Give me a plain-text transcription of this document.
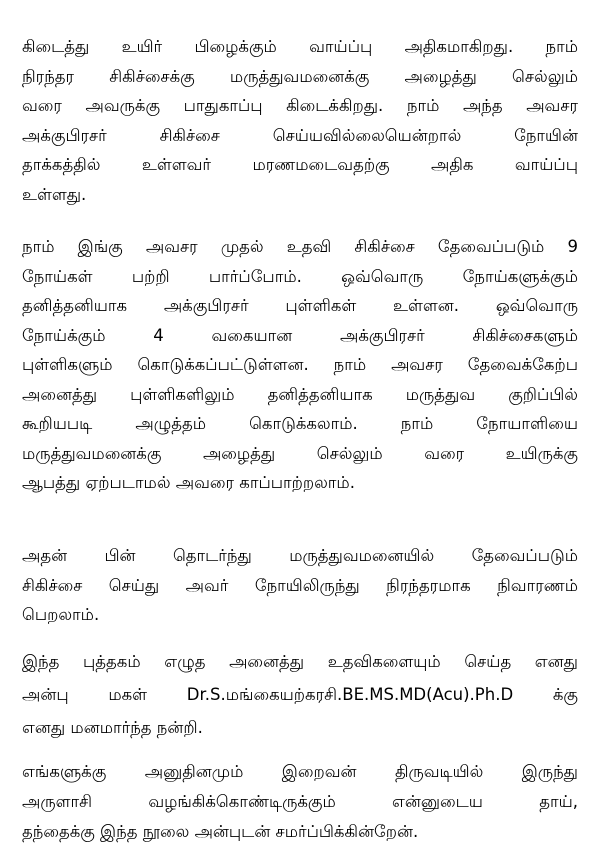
கிடைத்து உயிர் பிழைக்கும் வாய்ப்பு அதிகமாகிறது. நாம்
நிரந்தர சிகிச்சைக்கு மருத்துவமனைக்கு அழைத்து செல்லும்
வரை அவருக்கு பாதுகாப்பு கிடைக்கிறது. நாம் அந்த அவசர
அக்குபிரசர் சிகிச்சை செய்யவில்லையென்றால் நோயின்
தாக்கத்தில் உள்ளவர் மரணமடைவதற்கு அதிக வாய்ப்பு
உள்ளது.
நாம் இங்கு அவசர முதல் உதவி சிகிச்சை தேவைப்படும் 9
நோய்கள் பற்றி பார்ப்போம். ஒவ்வொரு நோய்களுக்கும்
தனித்தனியாக அக்குபிரசர் புள்ளிகள் உள்ளன. ஒவ்வொரு
நோய்க்கும் 4 வகையான அக்குபிரசர் சிகிச்சைகளும்
புள்ளிகளும் கொடுக்கப்பட்டுள்ளன. நாம் அவசர தேவைக்கேற்ப
அனைத்து புள்ளிகளிலும் தனித்தனியாக மருத்துவ குறிப்பில்
கூறியபடி அழுத்தம் கொடுக்கலாம். நாம் நோயாளியை
மருத்துவமனைக்கு அழைத்து செல்லும் வரை உயிருக்கு
ஆபத்து ஏற்படாமல் அவரை காப்பாற்றலாம்.
அதன் பின் தொடர்ந்து மருத்துவமனையில் தேவைப்படும்
சிகிச்சை செய்து அவர் நோயிலிருந்து நிரந்தரமாக நிவாரணம்
பெறலாம்.
இந்த புத்தகம் எழுத அனைத்து உதவிகளையும் செய்த எனது
அன்பு மகள் Dr.S.மங்கையற்கரசி.BE.MS.MD(Acu).Ph.D க்கு
எனது மனமார்ந்த நன்றி.
எங்களுக்கு அனுதினமும் இறைவன் திருவடியில் இருந்து
அருளாசி வழங்கிக்கொண்டிருக்கும் என்னுடைய தாய்,
தந்தைக்கு இந்த நூலை அன்புடன் சமர்ப்பிக்கின்றேன்.
